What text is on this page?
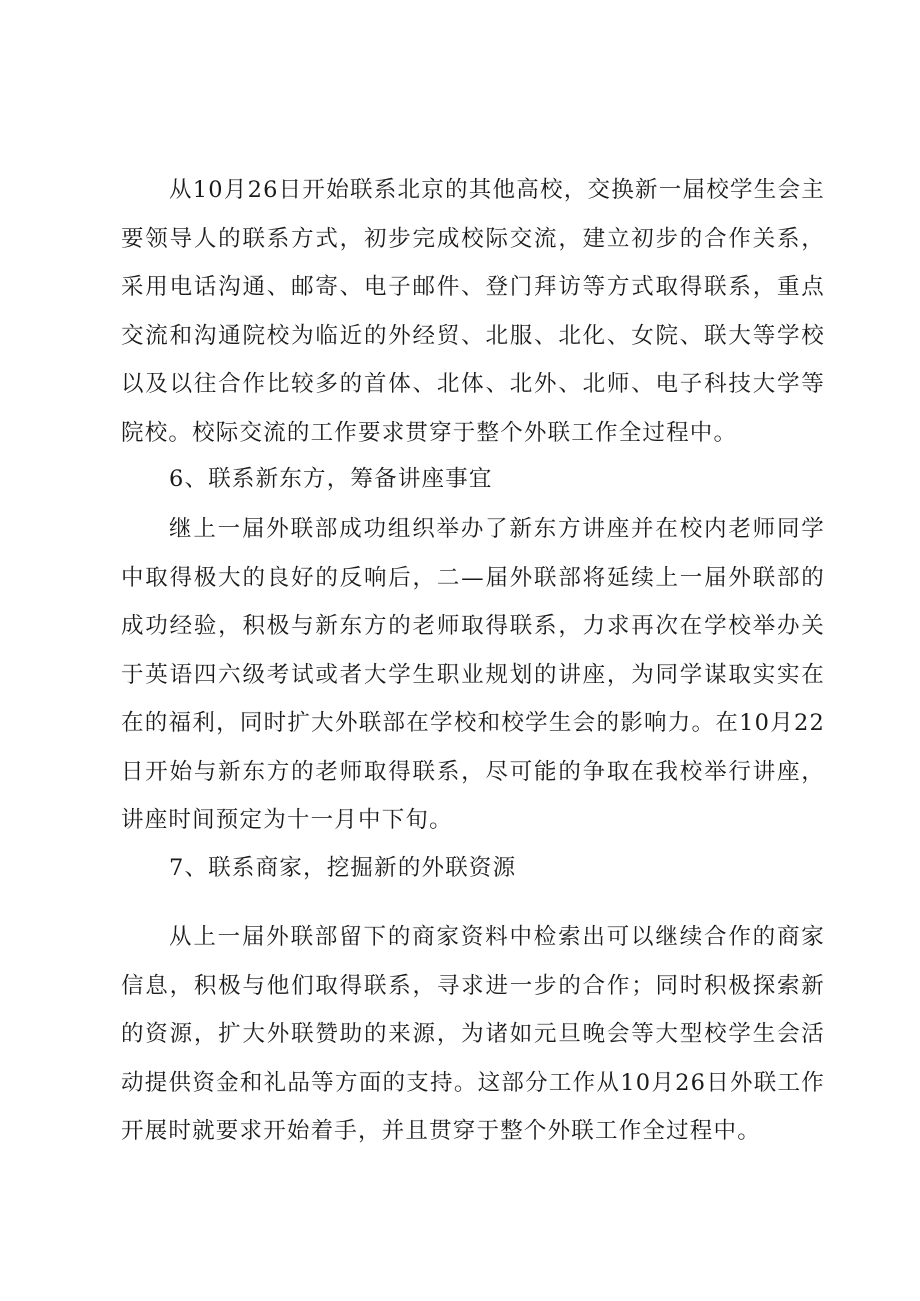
从10月26日开始联系北京的其他高校，交换新一届校学生会主要领导人的联系方式，初步完成校际交流，建立初步的合作关系，采用电话沟通、邮寄、电子邮件、登门拜访等方式取得联系，重点交流和沟通院校为临近的外经贸、北服、北化、女院、联大等学校以及以往合作比较多的首体、北体、北外、北师、电子科技大学等院校。校际交流的工作要求贯穿于整个外联工作全过程中。

6、联系新东方，筹备讲座事宜

继上一届外联部成功组织举办了新东方讲座并在校内老师同学中取得极大的良好的反响后，二—届外联部将延续上一届外联部的成功经验，积极与新东方的老师取得联系，力求再次在学校举办关于英语四六级考试或者大学生职业规划的讲座，为同学谋取实实在在的福利，同时扩大外联部在学校和校学生会的影响力。在10月22日开始与新东方的老师取得联系，尽可能的争取在我校举行讲座，讲座时间预定为十一月中下旬。

7、联系商家，挖掘新的外联资源

从上一届外联部留下的商家资料中检索出可以继续合作的商家信息，积极与他们取得联系，寻求进一步的合作；同时积极探索新的资源，扩大外联赞助的来源，为诸如元旦晚会等大型校学生会活动提供资金和礼品等方面的支持。这部分工作从10月26日外联工作开展时就要求开始着手，并且贯穿于整个外联工作全过程中。
